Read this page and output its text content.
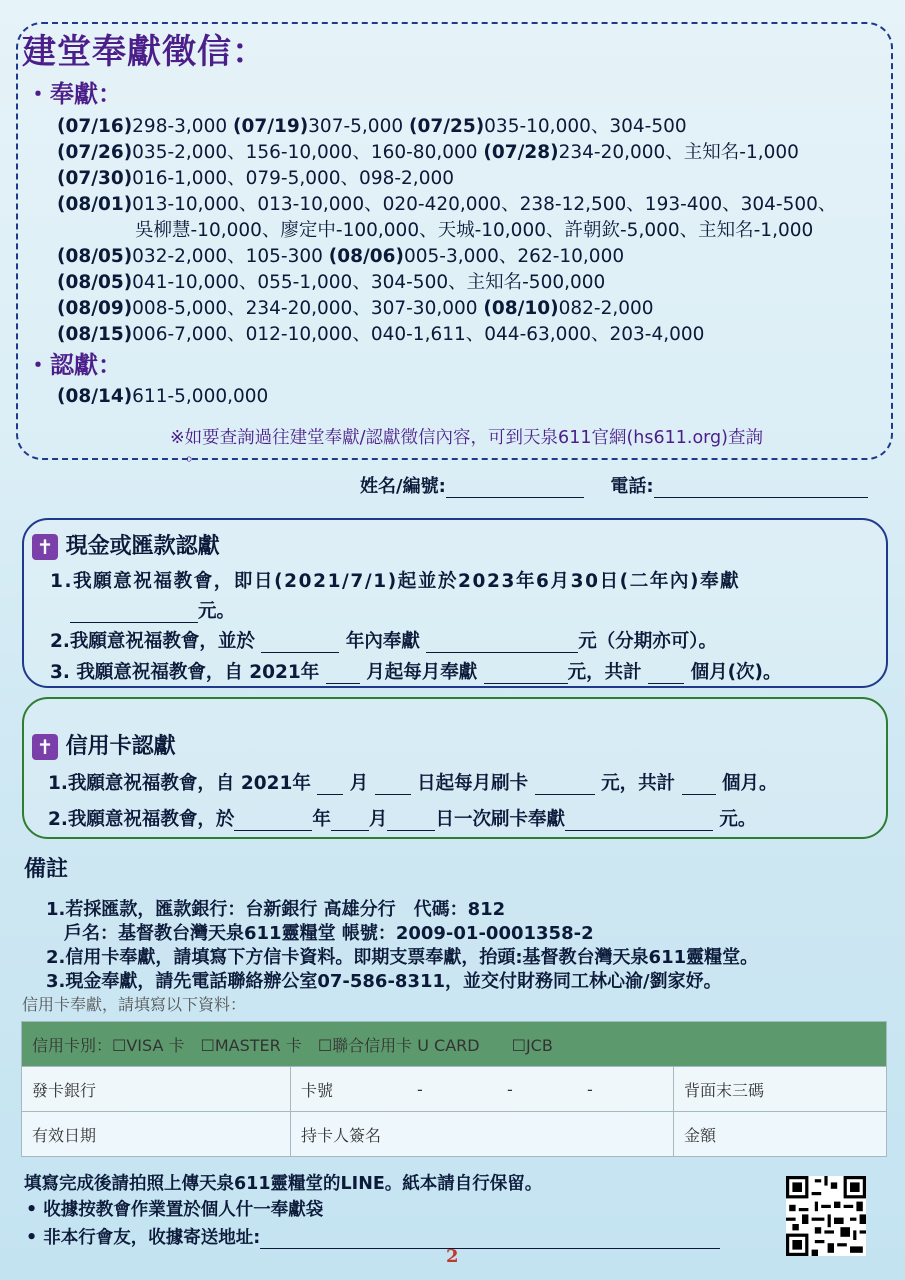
建堂奉獻徵信：
・奉獻：
(07/16)298-3,000 (07/19)307-5,000 (07/25)035-10,000、304-500
(07/26)035-2,000、156-10,000、160-80,000 (07/28)234-20,000、主知名-1,000
(07/30)016-1,000、079-5,000、098-2,000
(08/01)013-10,000、013-10,000、020-420,000、238-12,500、193-400、304-500、
吳柳慧-10,000、廖定中-100,000、天城-10,000、許朝欽-5,000、主知名-1,000
(08/05)032-2,000、105-300 (08/06)005-3,000、262-10,000
(08/05)041-10,000、055-1,000、304-500、主知名-500,000
(08/09)008-5,000、234-20,000、307-30,000 (08/10)082-2,000
(08/15)006-7,000、012-10,000、040-1,611、044-63,000、203-4,000
・認獻：
(08/14)611-5,000,000
※如要查詢過往建堂奉獻/認獻徵信內容，可到天泉611官網(hs611.org)查詢
。
姓名/編號:	電話:
✝ 現金或匯款認獻
1.我願意祝福教會，即日(2021/7/1)起並於2023年6月30日(二年內)奉獻
元。
2.我願意祝福教會，並於	年內奉獻	元（分期亦可）。
3. 我願意祝福教會，自 2021年	月起每月奉獻	元，共計	個月(次)。
✝ 信用卡認獻
1.我願意祝福教會，自 2021年 月	日起每月刷卡	元，共計	個月。
2.我願意祝福教會，於	年 月	日一次刷卡奉獻	元。
備註
1.若採匯款，匯款銀行：台新銀行 高雄分行　代碼：812
戶名：基督教台灣天泉611靈糧堂 帳號：2009-01-0001358-2
2.信用卡奉獻，請填寫下方信卡資料。即期支票奉獻，抬頭:基督教台灣天泉611靈糧堂。
3.現金奉獻，請先電話聯絡辦公室07-586-8311，並交付財務同工林心渝/劉家妤。
信用卡奉獻，請填寫以下資料：
信用卡別：☐VISA 卡　☐MASTER 卡　☐聯合信用卡 U CARD　　☐JCB					
發卡銀行	卡號	-	-	-	背面末三碼
有效日期	持卡人簽名				金額
填寫完成後請拍照上傳天泉611靈糧堂的LINE。紙本請自行保留。
• 收據按教會作業置於個人什一奉獻袋
• 非本行會友，收據寄送地址:
2
